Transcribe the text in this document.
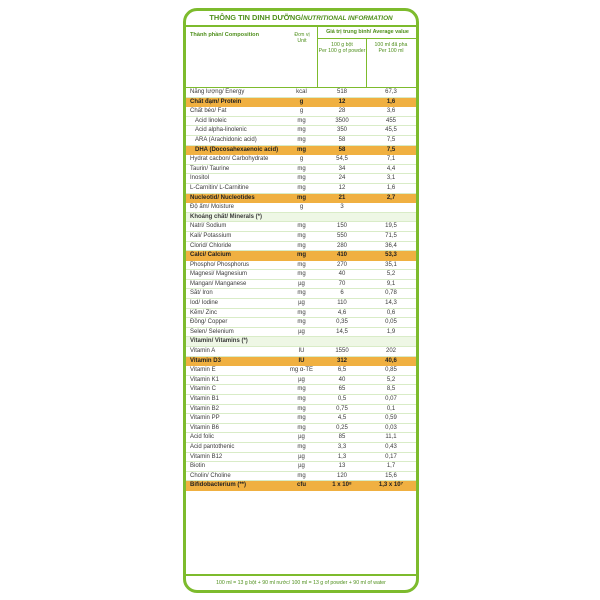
THÔNG TIN DINH DƯỠNG/NUTRITIONAL INFORMATION
Thành phần/ Composition	Đơn vị
Unit
Giá trị trung bình/ Average value
100 g bột
Per 100 g of powder
100 ml đã pha
Per 100 ml
Năng lượng/ Energy	kcal	518	67,3
Chất đạm/ Protein	g	12	1,6
Chất béo/ Fat	g	28	3,6
Acid linoleic	mg	3500	455
Acid alpha-linolenic	mg	350	45,5
ARA (Arachidonic acid)	mg	58	7,5
DHA (Docosahexaenoic acid)	mg	58	7,5
Hydrat cacbon/ Carbohydrate	g	54,5	7,1
Taurin/ Taurine	mg	34	4,4
Inositol	mg	24	3,1
L-Carnitin/ L-Carnitine	mg	12	1,6
Nucleotid/ Nucleotides	mg	21	2,7
Độ ẩm/ Moisture	g	3
Khoáng chất/ Minerals (*)
Natri/ Sodium	mg	150	19,5
Kali/ Potassium	mg	550	71,5
Clorid/ Chloride	mg	280	36,4
Calci/ Calcium	mg	410	53,3
Phospho/ Phosphorus	mg	270	35,1
Magnesi/ Magnesium	mg	40	5,2
Mangan/ Manganese	µg	70	9,1
Sắt/ Iron	mg	6	0,78
Iod/ Iodine	µg	110	14,3
Kẽm/ Zinc	mg	4,6	0,6
Đồng/ Copper	mg	0,35	0,05
Selen/ Selenium	µg	14,5	1,9
Vitamin/ Vitamins (*)
Vitamin A	IU	1550	202
Vitamin D3	IU	312	40,6
Vitamin E	mg α-TE	6,5	0,85
Vitamin K1	µg	40	5,2
Vitamin C	mg	65	8,5
Vitamin B1	mg	0,5	0,07
Vitamin B2	mg	0,75	0,1
Vitamin PP	mg	4,5	0,59
Vitamin B6	mg	0,25	0,03
Acid folic	µg	85	11,1
Acid pantothenic	mg	3,3	0,43
Vitamin B12	µg	1,3	0,17
Biotin	µg	13	1,7
Cholin/ Choline	mg	120	15,6
Bifidobacterium (**)	cfu	1 x 10⁸	1,3 x 10⁷
100 ml = 13 g bột + 90 ml nước/ 100 ml = 13 g of powder + 90 ml of water
